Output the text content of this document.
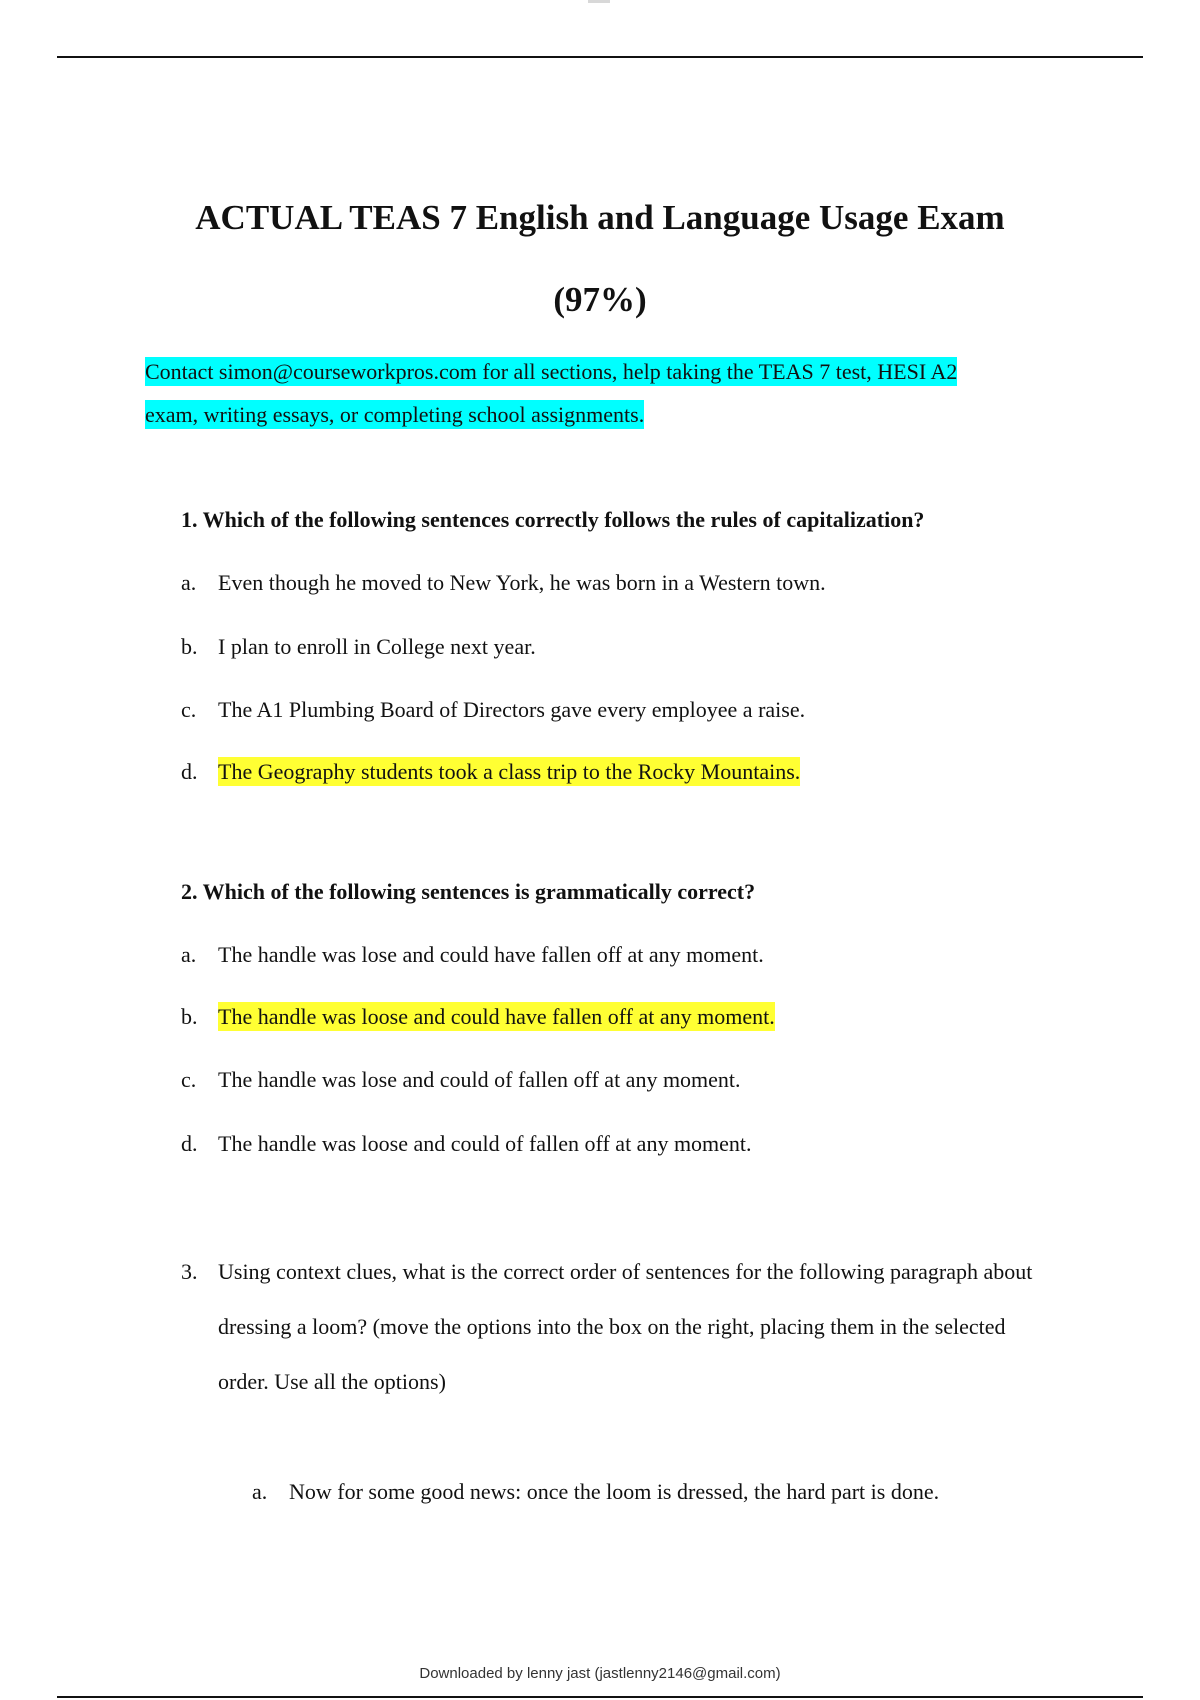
ACTUAL TEAS 7 English and Language Usage Exam
(97%)
Contact simon@courseworkpros.com for all sections, help taking the TEAS 7 test, HESI A2
exam, writing essays, or completing school assignments.
1. Which of the following sentences correctly follows the rules of capitalization?
a. Even though he moved to New York, he was born in a Western town.
b. I plan to enroll in College next year.
c. The A1 Plumbing Board of Directors gave every employee a raise.
d. The Geography students took a class trip to the Rocky Mountains.
2. Which of the following sentences is grammatically correct?
a. The handle was lose and could have fallen off at any moment.
b. The handle was loose and could have fallen off at any moment.
c. The handle was lose and could of fallen off at any moment.
d. The handle was loose and could of fallen off at any moment.
3. Using context clues, what is the correct order of sentences for the following paragraph about dressing a loom? (move the options into the box on the right, placing them in the selected order. Use all the options)
a. Now for some good news: once the loom is dressed, the hard part is done.
Downloaded by lenny jast (jastlenny2146@gmail.com)
